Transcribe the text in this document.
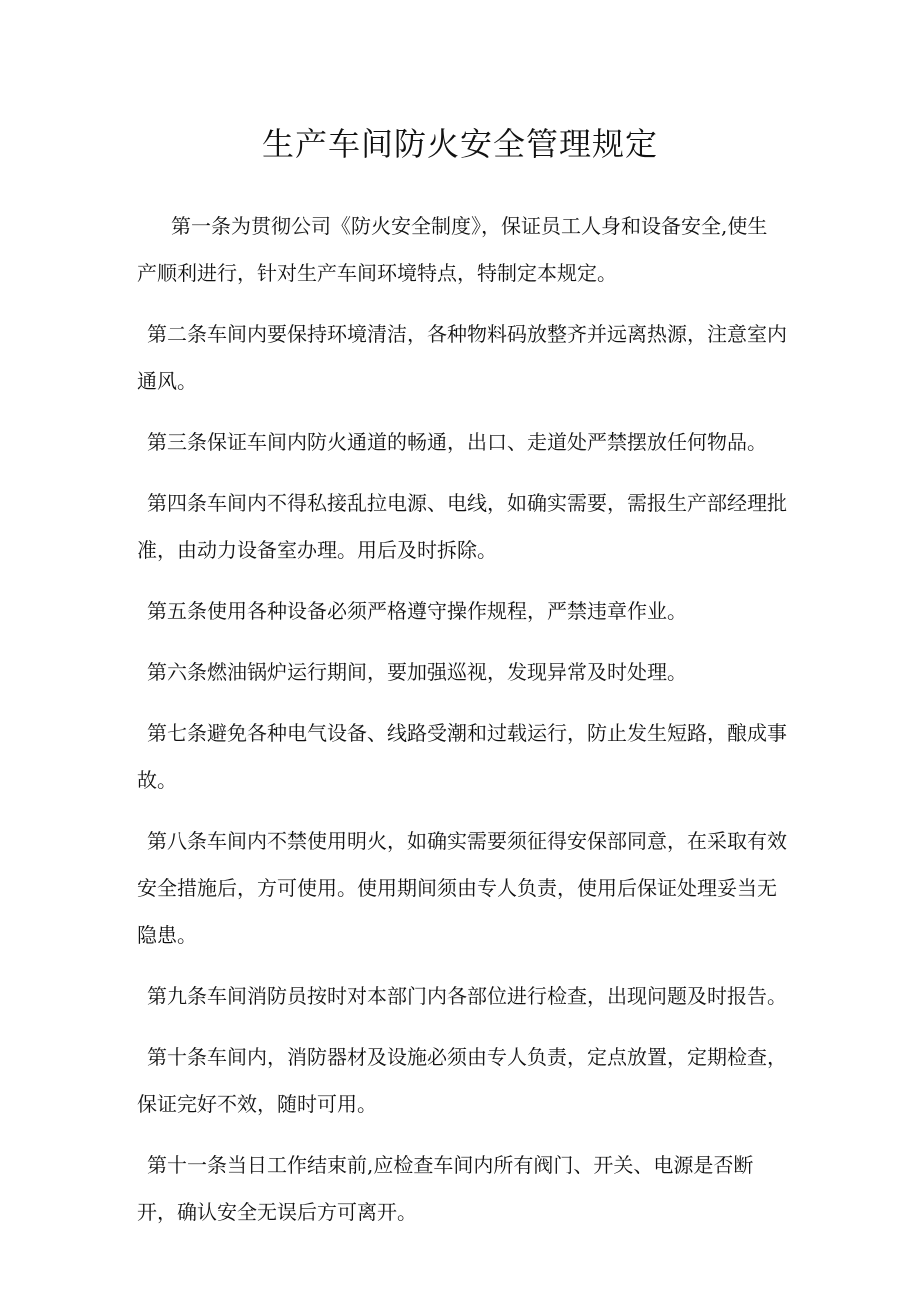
生产车间防火安全管理规定

第一条为贯彻公司《防火安全制度》，保证员工人身和设备安全,使生产顺利进行，针对生产车间环境特点，特制定本规定。

第二条车间内要保持环境清洁，各种物料码放整齐并远离热源，注意室内通风。

第三条保证车间内防火通道的畅通，出口、走道处严禁摆放任何物品。

第四条车间内不得私接乱拉电源、电线，如确实需要，需报生产部经理批准，由动力设备室办理。用后及时拆除。

第五条使用各种设备必须严格遵守操作规程，严禁违章作业。

第六条燃油锅炉运行期间，要加强巡视，发现异常及时处理。

第七条避免各种电气设备、线路受潮和过载运行，防止发生短路，酿成事故。

第八条车间内不禁使用明火，如确实需要须征得安保部同意，在采取有效安全措施后，方可使用。使用期间须由专人负责，使用后保证处理妥当无隐患。

第九条车间消防员按时对本部门内各部位进行检查，出现问题及时报告。

第十条车间内，消防器材及设施必须由专人负责，定点放置，定期检查，保证完好不效，随时可用。

第十一条当日工作结束前,应检查车间内所有阀门、开关、电源是否断开，确认安全无误后方可离开。
